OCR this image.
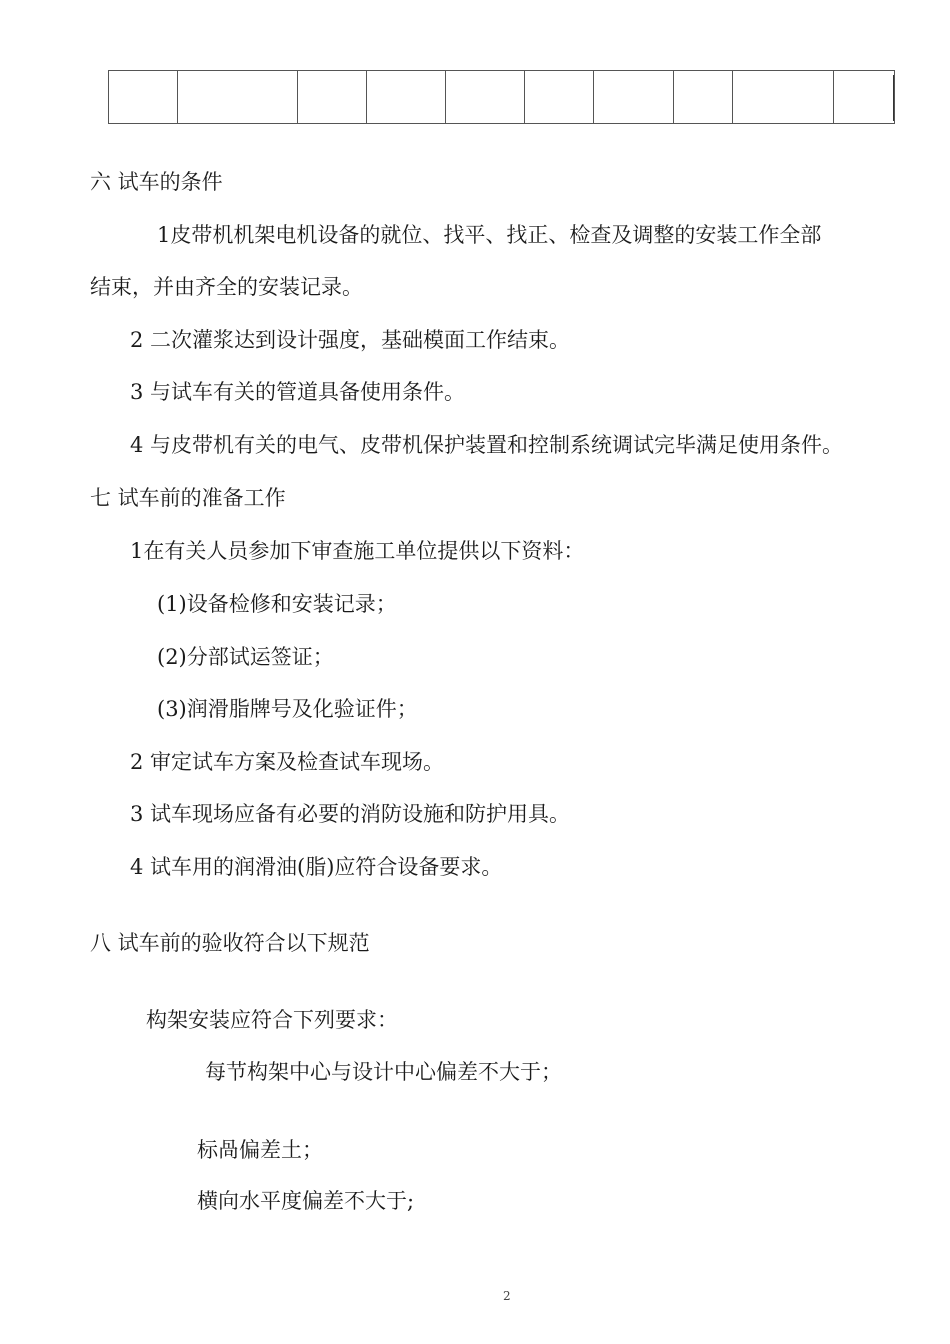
六 试车的条件
1皮带机机架电机设备的就位、找平、找正、检查及调整的安装工作全部
结束，并由齐全的安装记录。
2 二次灌浆达到设计强度，基础模面工作结束。
3 与试车有关的管道具备使用条件。
4 与皮带机有关的电气、皮带机保护装置和控制系统调试完毕满足使用条件。
七 试车前的准备工作
1在有关人员参加下审查施工单位提供以下资料：
(1)设备检修和安装记录；
(2)分部试运签证；
(3)润滑脂牌号及化验证件；
2 审定试车方案及检查试车现场。
3 试车现场应备有必要的消防设施和防护用具。
4 试车用的润滑油(脂)应符合设备要求。
八 试车前的验收符合以下规范
构架安装应符合下列要求：
每节构架中心与设计中心偏差不大于；
标咼偏差土；
横向水平度偏差不大于;
2
